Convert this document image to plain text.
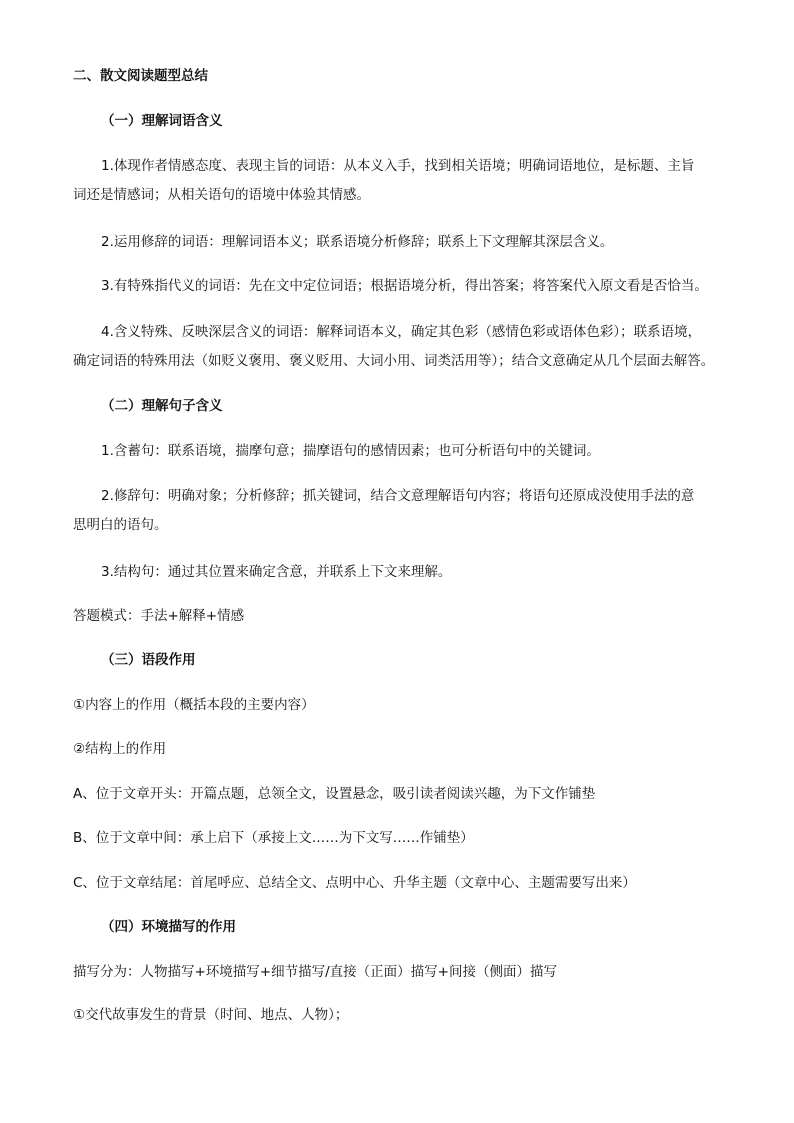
二、散文阅读题型总结
（一）理解词语含义
1.体现作者情感态度、表现主旨的词语：从本义入手，找到相关语境；明确词语地位，是标题、主旨
词还是情感词；从相关语句的语境中体验其情感。
2.运用修辞的词语：理解词语本义；联系语境分析修辞；联系上下文理解其深层含义。
3.有特殊指代义的词语：先在文中定位词语；根据语境分析，得出答案；将答案代入原文看是否恰当。
4.含义特殊、反映深层含义的词语：解释词语本义，确定其色彩（感情色彩或语体色彩）；联系语境，
确定词语的特殊用法（如贬义褒用、褒义贬用、大词小用、词类活用等）；结合文意确定从几个层面去解答。
（二）理解句子含义
1.含蓄句：联系语境，揣摩句意；揣摩语句的感情因素；也可分析语句中的关键词。
2.修辞句：明确对象；分析修辞；抓关键词，结合文意理解语句内容；将语句还原成没使用手法的意
思明白的语句。
3.结构句：通过其位置来确定含意，并联系上下文来理解。
答题模式：手法+解释+情感
（三）语段作用
①内容上的作用（概括本段的主要内容）
②结构上的作用
A、位于文章开头：开篇点题，总领全文，设置悬念，吸引读者阅读兴趣，为下文作铺垫
B、位于文章中间：承上启下（承接上文……为下文写……作铺垫）
C、位于文章结尾：首尾呼应、总结全文、点明中心、升华主题（文章中心、主题需要写出来）
（四）环境描写的作用
描写分为：人物描写+环境描写+细节描写/直接（正面）描写+间接（侧面）描写
①交代故事发生的背景（时间、地点、人物）；
